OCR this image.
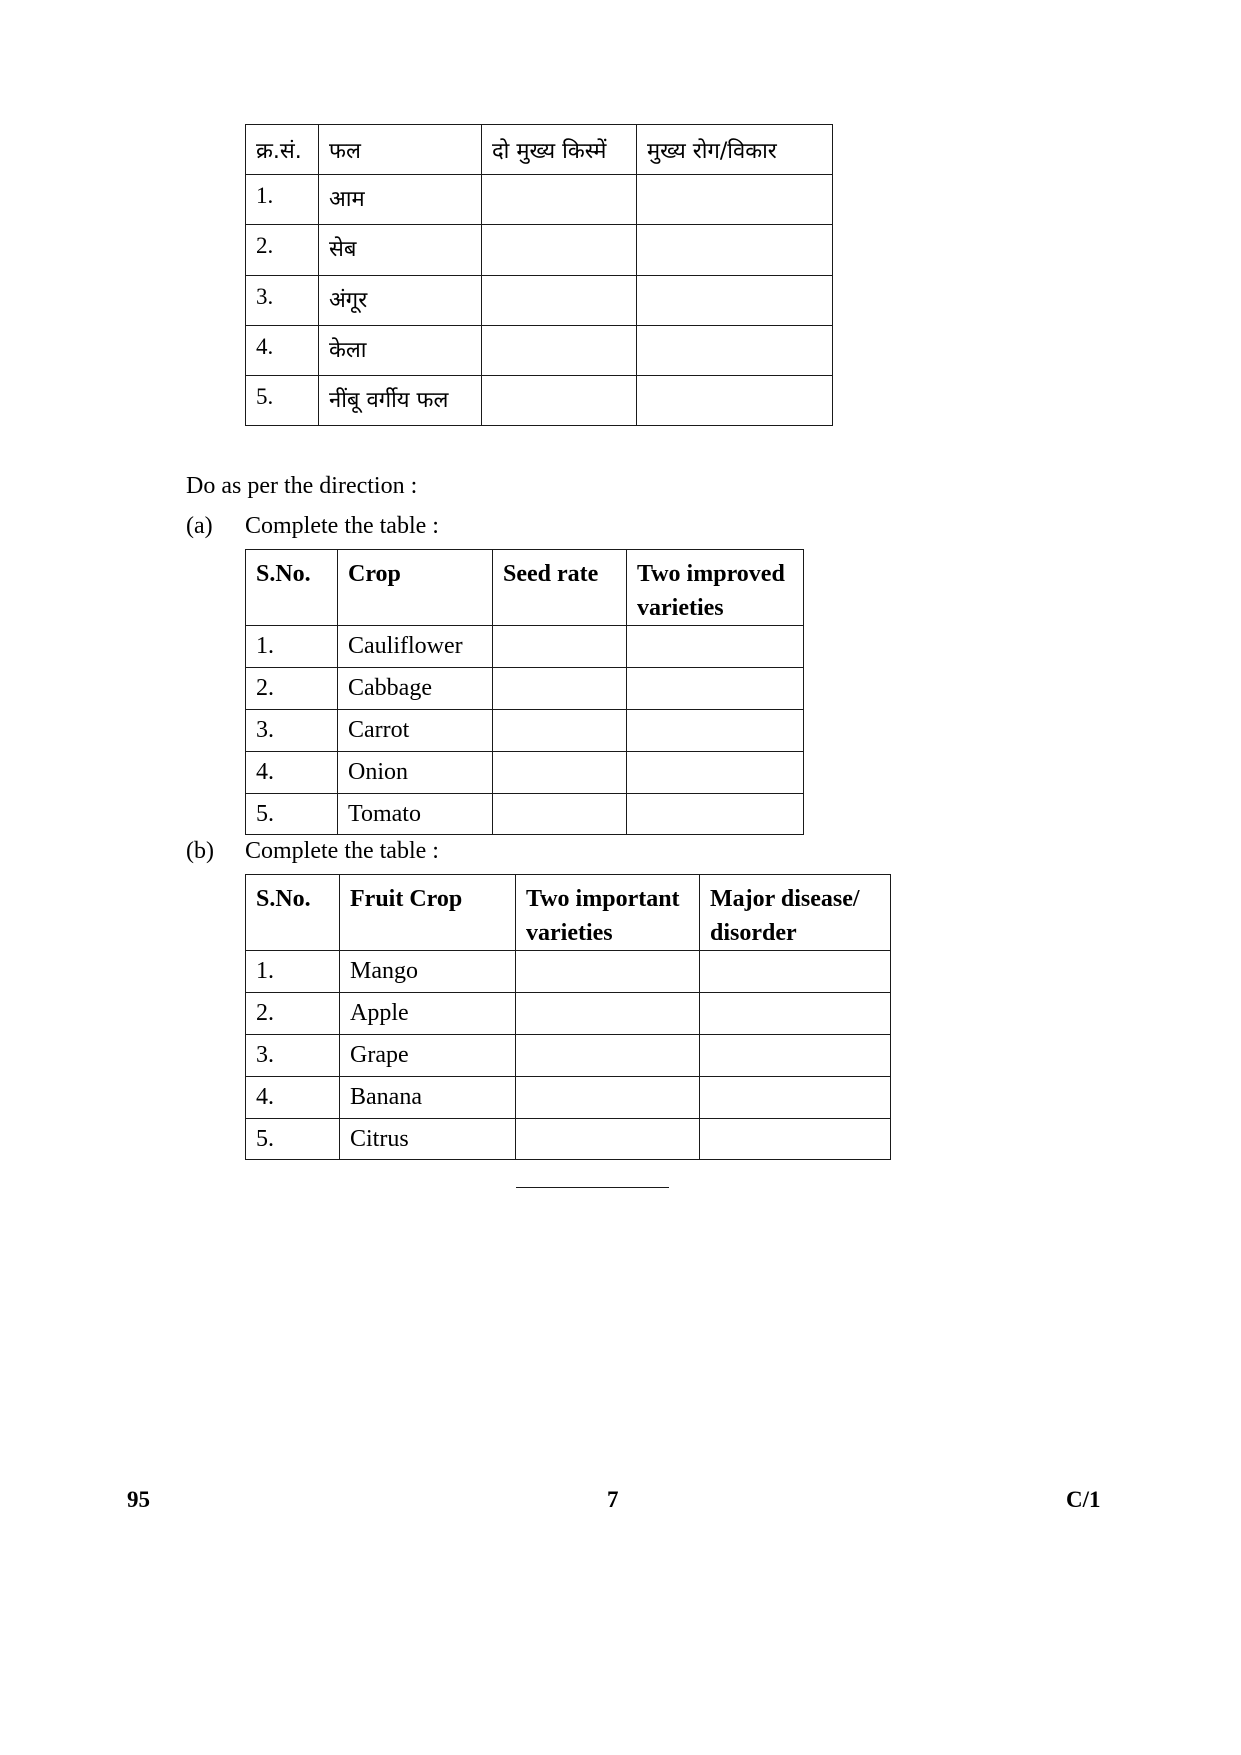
क्र.सं.	फल	दो मुख्य किस्में	मुख्य रोग/विकार
1.	आम		
2.	सेब		
3.	अंगूर		
4.	केला		
5.	नींबू वर्गीय फल		
Do as per the direction :
(a) Complete the table :
S.No.	Crop	Seed rate	Two improved varieties
1.	Cauliflower		
2.	Cabbage		
3.	Carrot		
4.	Onion		
5.	Tomato		
(b) Complete the table :
S.No.	Fruit Crop	Two important varieties	Major disease/ disorder
1.	Mango		
2.	Apple		
3.	Grape		
4.	Banana		
5.	Citrus		
95	7	C/1
